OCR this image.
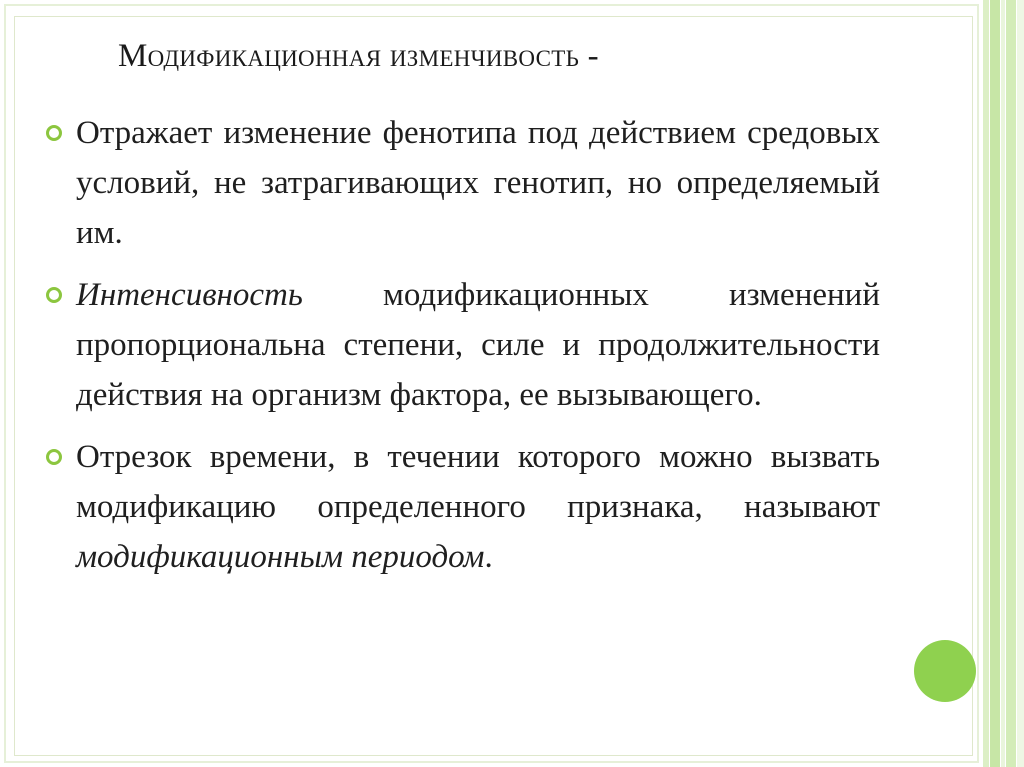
Модификационная изменчивость -
Отражает изменение фенотипа под действием средовых условий, не затрагивающих генотип, но определяемый им.
Интенсивность модификационных изменений пропорциональна степени, силе и продолжительности действия на организм фактора, ее вызывающего.
Отрезок времени, в течении которого можно вызвать модификацию определенного признака, называют модификационным периодом.
